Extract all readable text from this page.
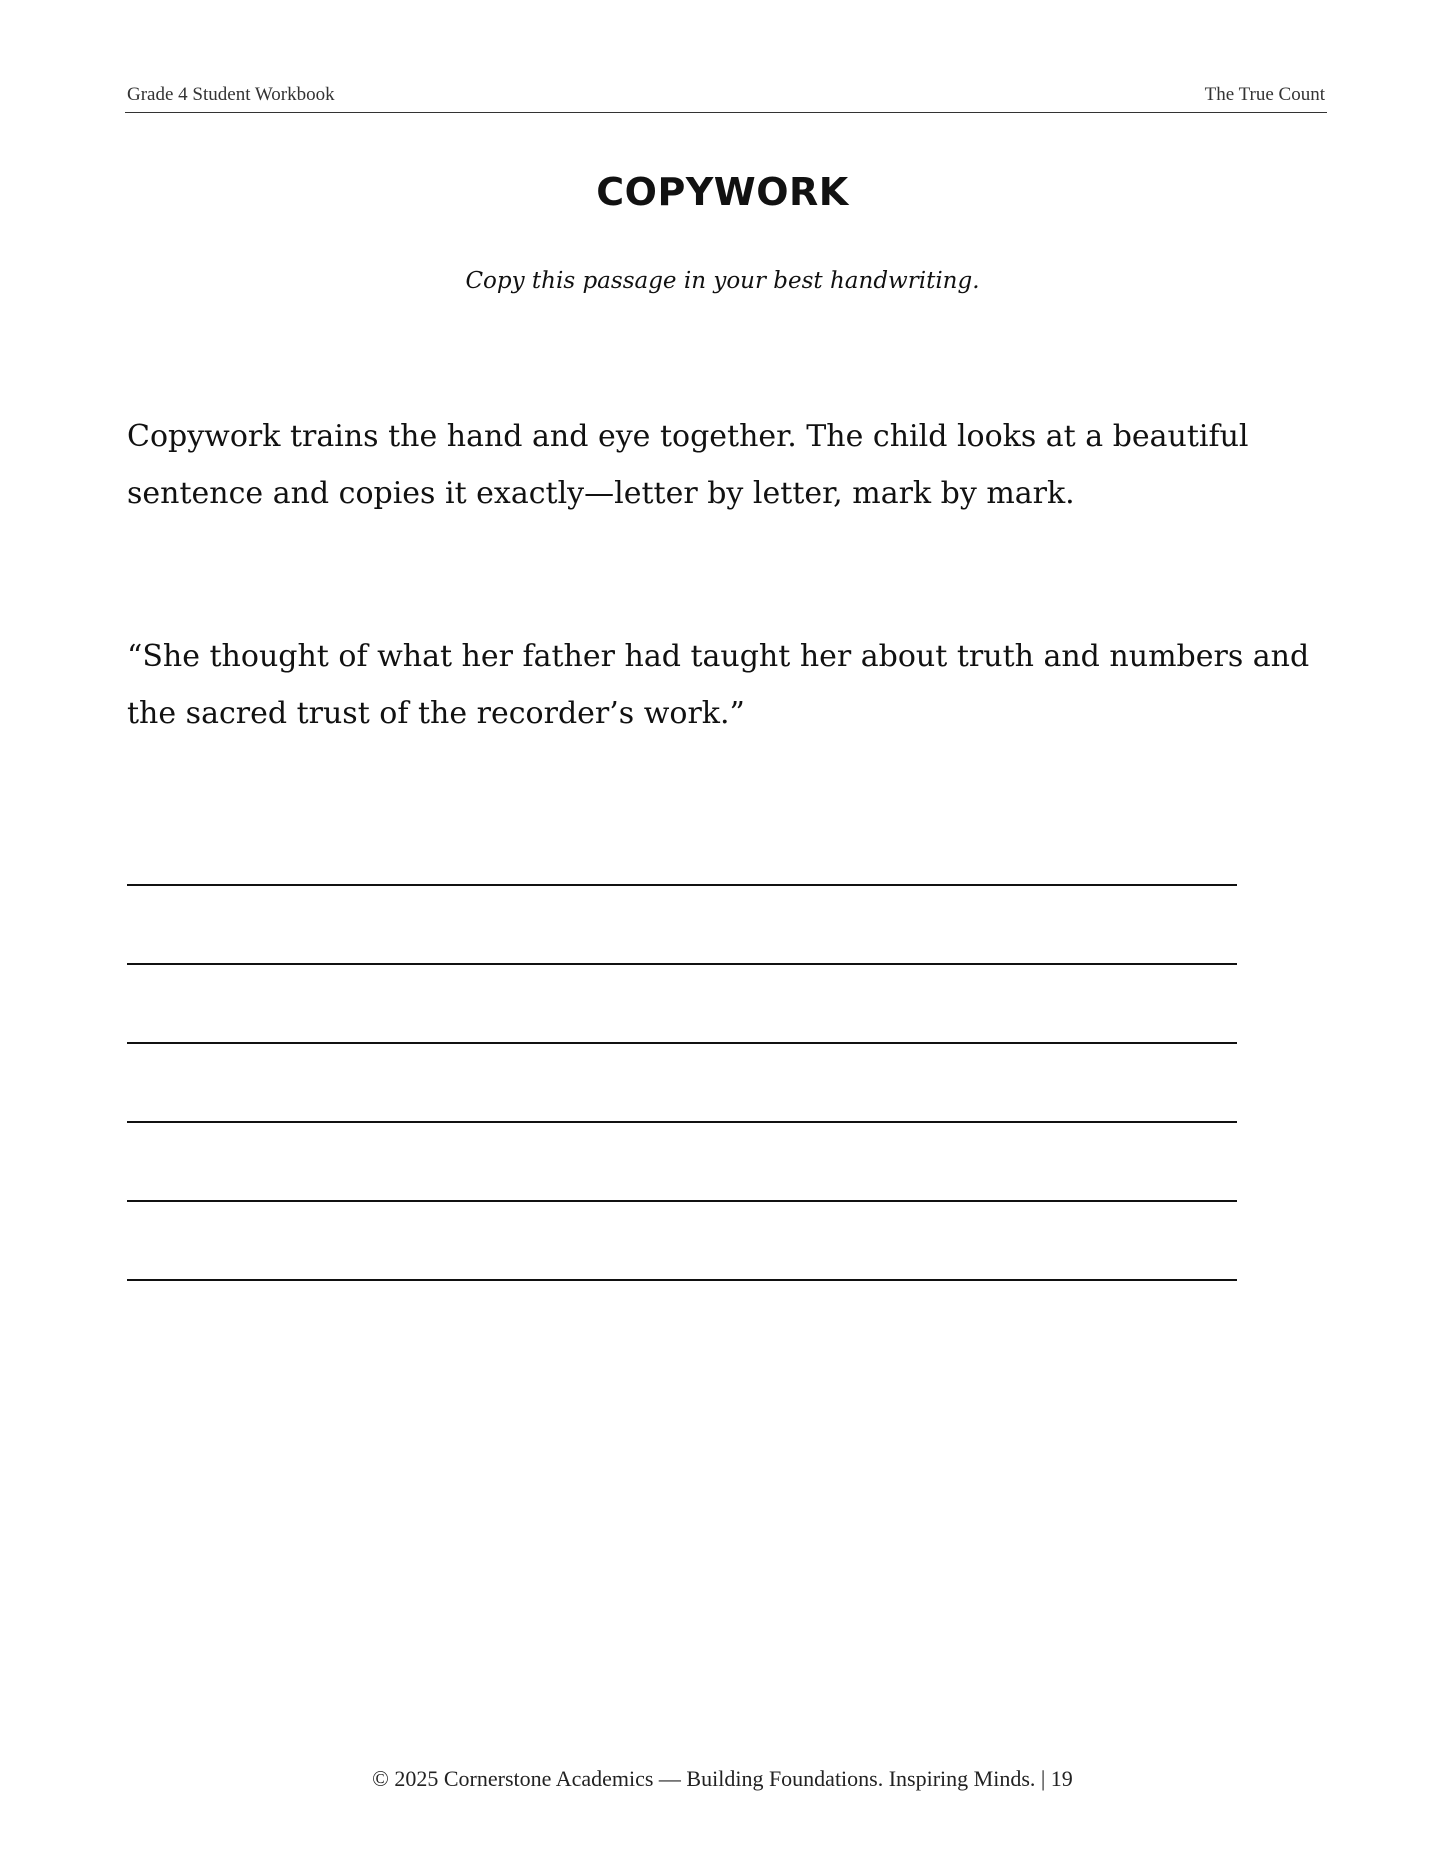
Grade 4 Student Workbook	The True Count
COPYWORK
Copy this passage in your best handwriting.
Copywork trains the hand and eye together. The child looks at a beautiful sentence and copies it exactly—letter by letter, mark by mark.
“She thought of what her father had taught her about truth and numbers and the sacred trust of the recorder’s work.”
© 2025 Cornerstone Academics — Building Foundations. Inspiring Minds. | 19
